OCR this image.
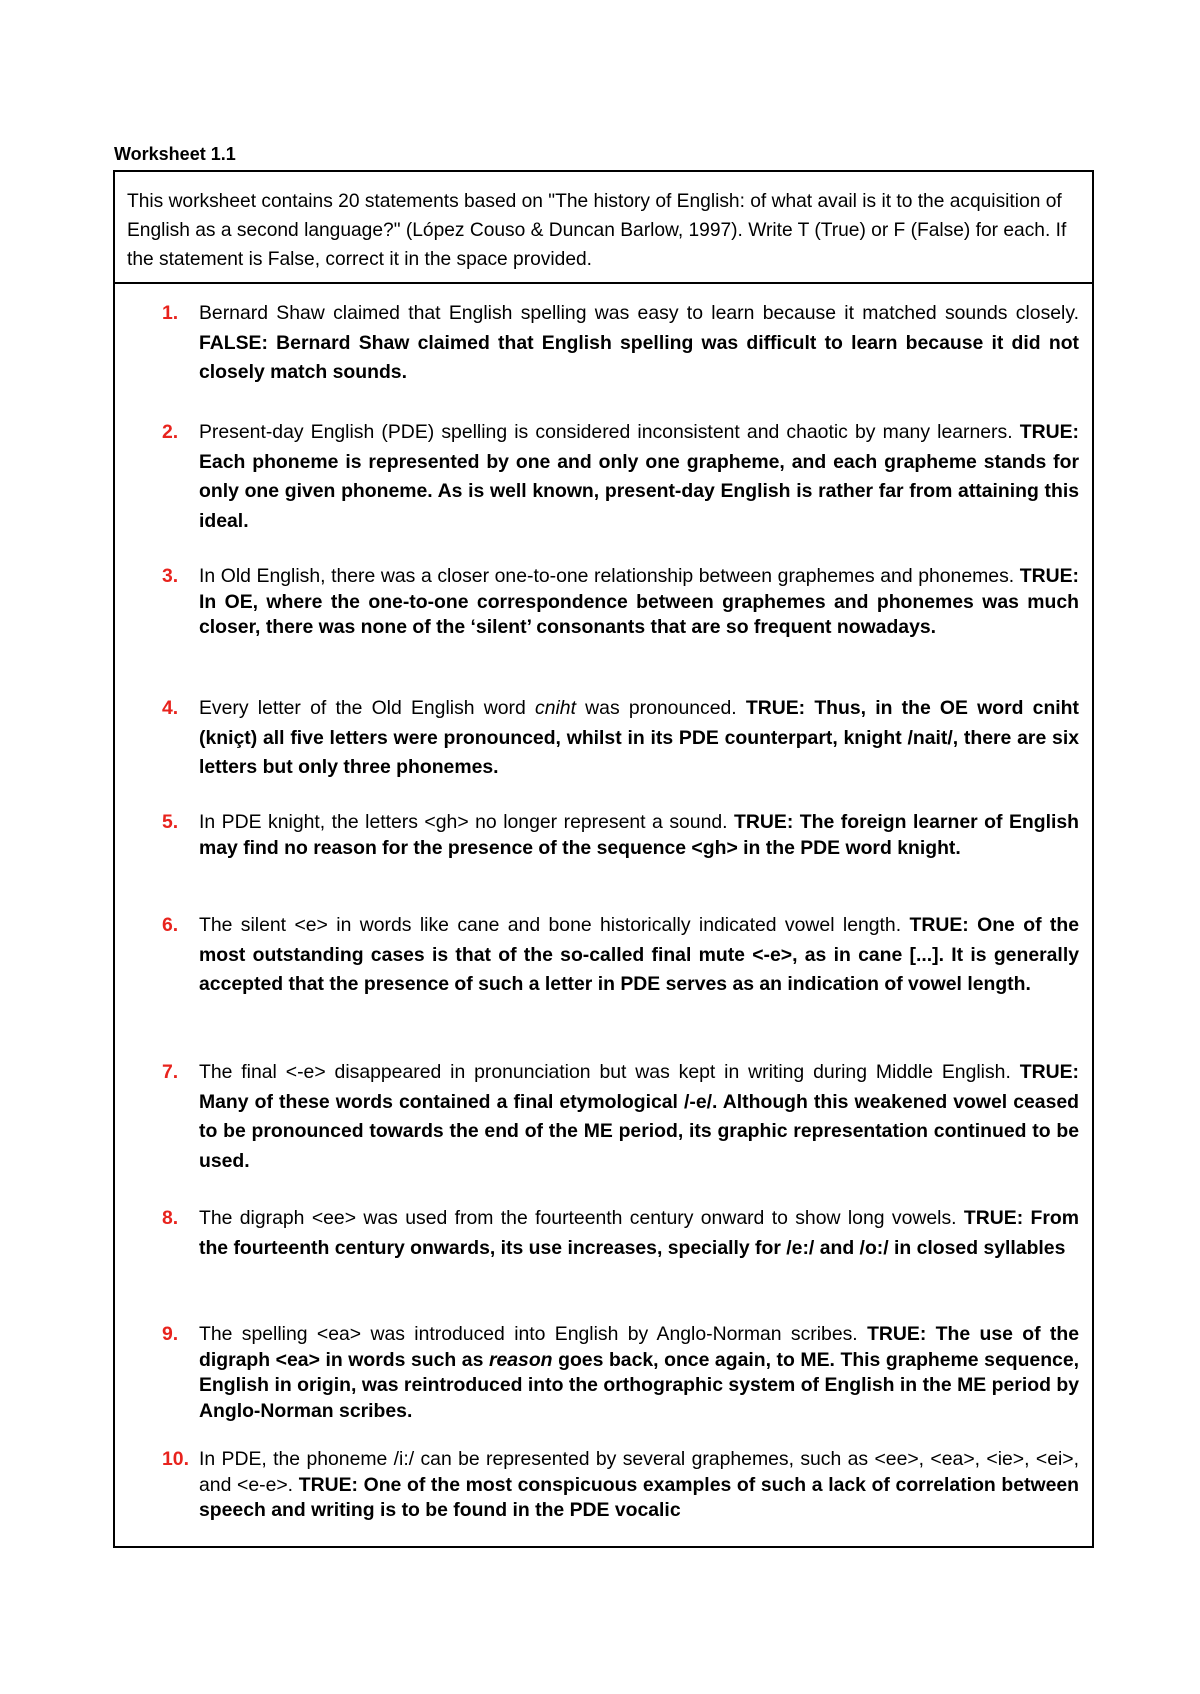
Worksheet 1.1
This worksheet contains 20 statements based on "The history of English: of what avail is it to the acquisition of English as a second language?" (López Couso & Duncan Barlow, 1997). Write T (True) or F (False) for each. If the statement is False, correct it in the space provided.
1. Bernard Shaw claimed that English spelling was easy to learn because it matched sounds closely. FALSE: Bernard Shaw claimed that English spelling was difficult to learn because it did not closely match sounds.
2. Present-day English (PDE) spelling is considered inconsistent and chaotic by many learners. TRUE: Each phoneme is represented by one and only one grapheme, and each grapheme stands for only one given phoneme. As is well known, present-day English is rather far from attaining this ideal.
3. In Old English, there was a closer one-to-one relationship between graphemes and phonemes. TRUE: In OE, where the one-to-one correspondence between graphemes and phonemes was much closer, there was none of the ‘silent’ consonants that are so frequent nowadays.
4. Every letter of the Old English word cniht was pronounced. TRUE: Thus, in the OE word cniht (kniçt) all five letters were pronounced, whilst in its PDE counterpart, knight /nait/, there are six letters but only three phonemes.
5. In PDE knight, the letters <gh> no longer represent a sound. TRUE: The foreign learner of English may find no reason for the presence of the sequence <gh> in the PDE word knight.
6. The silent <e> in words like cane and bone historically indicated vowel length. TRUE: One of the most outstanding cases is that of the so-called final mute <-e>, as in cane [...]. It is generally accepted that the presence of such a letter in PDE serves as an indication of vowel length.
7. The final <-e> disappeared in pronunciation but was kept in writing during Middle English. TRUE: Many of these words contained a final etymological /-e/. Although this weakened vowel ceased to be pronounced towards the end of the ME period, its graphic representation continued to be used.
8. The digraph <ee> was used from the fourteenth century onward to show long vowels. TRUE: From the fourteenth century onwards, its use increases, specially for /e:/ and /o:/ in closed syllables
9. The spelling <ea> was introduced into English by Anglo-Norman scribes. TRUE: The use of the digraph <ea> in words such as reason goes back, once again, to ME. This grapheme sequence, English in origin, was reintroduced into the orthographic system of English in the ME period by Anglo-Norman scribes.
10. In PDE, the phoneme /i:/ can be represented by several graphemes, such as <ee>, <ea>, <ie>, <ei>, and <e-e>. TRUE: One of the most conspicuous examples of such a lack of correlation between speech and writing is to be found in the PDE vocalic
